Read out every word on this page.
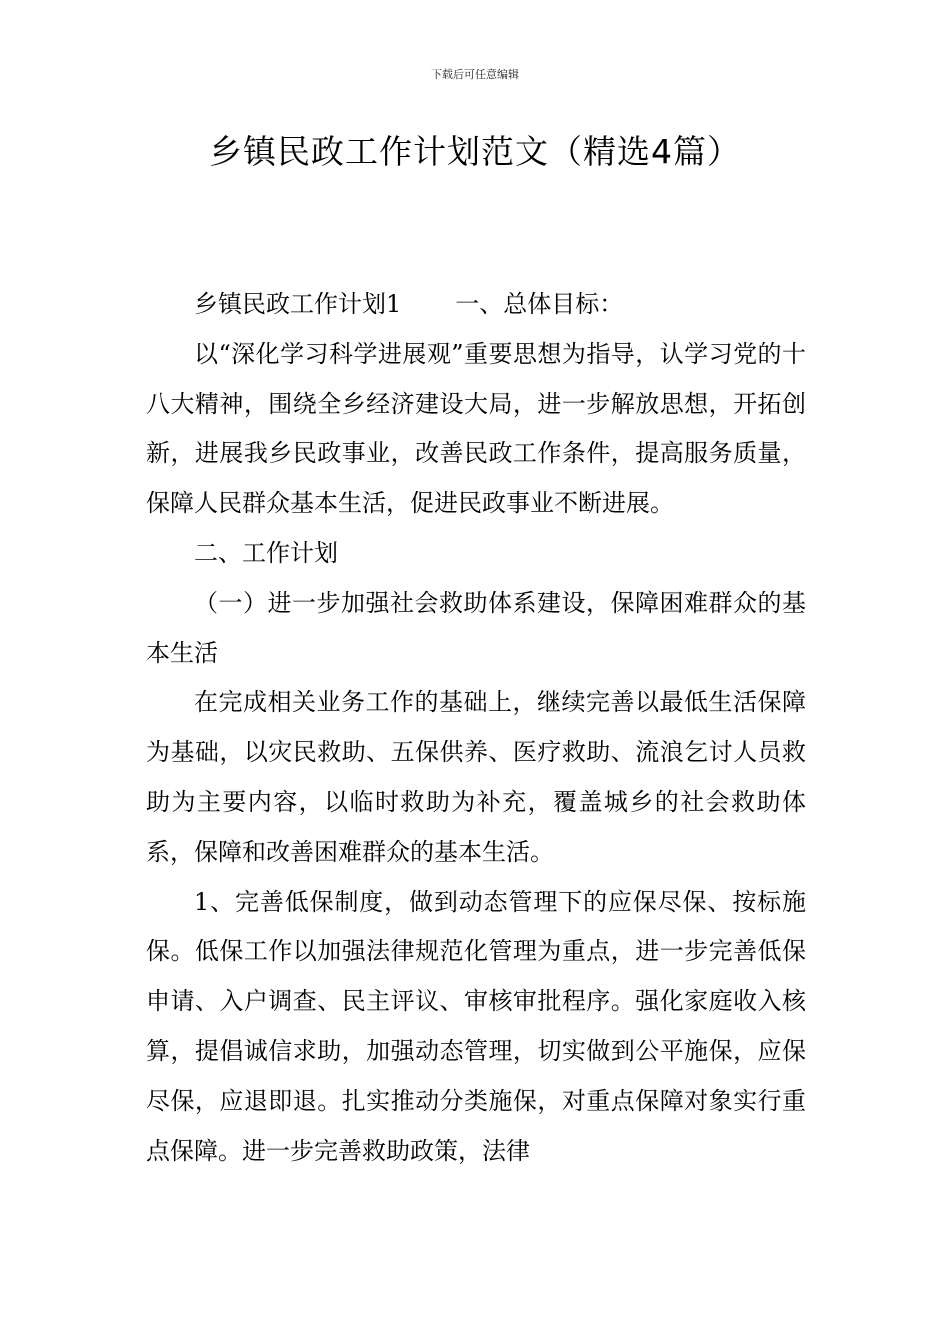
下载后可任意编辑
乡镇民政工作计划范文（精选4篇）

乡镇民政工作计划1 一、总体目标：

以“深化学习科学进展观”重要思想为指导，认学习党的十八大精神，围绕全乡经济建设大局，进一步解放思想，开拓创新，进展我乡民政事业，改善民政工作条件，提高服务质量，保障人民群众基本生活，促进民政事业不断进展。

二、工作计划

（一）进一步加强社会救助体系建设，保障困难群众的基本生活

在完成相关业务工作的基础上，继续完善以最低生活保障为基础，以灾民救助、五保供养、医疗救助、流浪乞讨人员救助为主要内容，以临时救助为补充，覆盖城乡的社会救助体系，保障和改善困难群众的基本生活。

1、完善低保制度，做到动态管理下的应保尽保、按标施保。低保工作以加强法律规范化管理为重点，进一步完善低保申请、入户调查、民主评议、审核审批程序。强化家庭收入核算，提倡诚信求助，加强动态管理，切实做到公平施保，应保尽保，应退即退。扎实推动分类施保，对重点保障对象实行重点保障。进一步完善救助政策，法律
